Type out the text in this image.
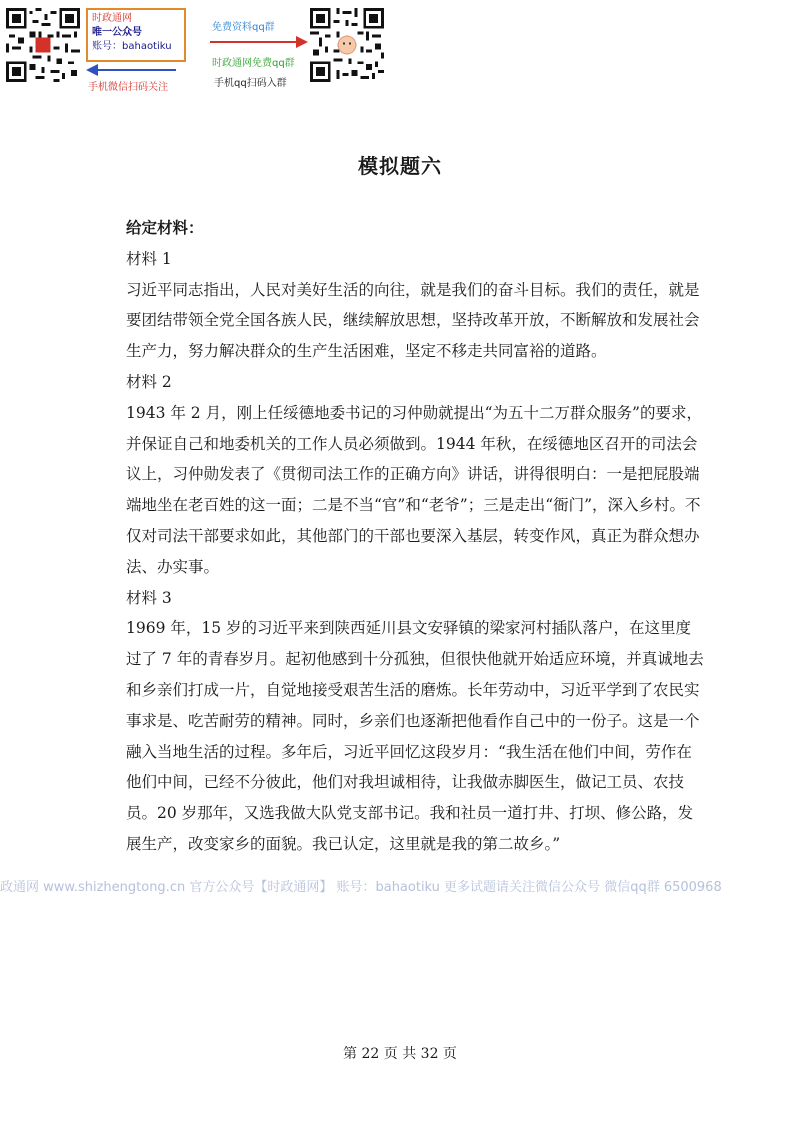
时政通网
唯一公众号
账号：bahaotiku
手机微信扫码关注
免费资料qq群
时政通网免费qq群
手机qq扫码入群
模拟题六

给定材料：

材料 1

习近平同志指出，人民对美好生活的向往，就是我们的奋斗目标。我们的责任，就是要团结带领全党全国各族人民，继续解放思想，坚持改革开放，不断解放和发展社会生产力，努力解决群众的生产生活困难，坚定不移走共同富裕的道路。

材料 2

1943 年 2 月，刚上任绥德地委书记的习仲勋就提出“为五十二万群众服务”的要求，并保证自己和地委机关的工作人员必须做到。1944 年秋，在绥德地区召开的司法会议上，习仲勋发表了《贯彻司法工作的正确方向》讲话，讲得很明白：一是把屁股端端地坐在老百姓的这一面；二是不当“官”和“老爷”；三是走出“衙门”，深入乡村。不仅对司法干部要求如此，其他部门的干部也要深入基层，转变作风，真正为群众想办法、办实事。

材料 3

1969 年，15 岁的习近平来到陕西延川县文安驿镇的梁家河村插队落户，在这里度过了 7 年的青春岁月。起初他感到十分孤独，但很快他就开始适应环境，并真诚地去和乡亲们打成一片，自觉地接受艰苦生活的磨炼。长年劳动中，习近平学到了农民实事求是、吃苦耐劳的精神。同时，乡亲们也逐渐把他看作自己中的一份子。这是一个融入当地生活的过程。多年后，习近平回忆这段岁月：“我生活在他们中间，劳作在他们中间，已经不分彼此，他们对我坦诚相待，让我做赤脚医生，做记工员、农技员。20 岁那年，又选我做大队党支部书记。我和社员一道打井、打坝、修公路，发展生产，改变家乡的面貌。我已认定，这里就是我的第二故乡。”

政通网 www.shizhengtong.cn 官方公众号【时政通网】 账号：bahaotiku 更多试题请关注微信公众号 微信qq群 6500968
第 22 页 共 32 页
